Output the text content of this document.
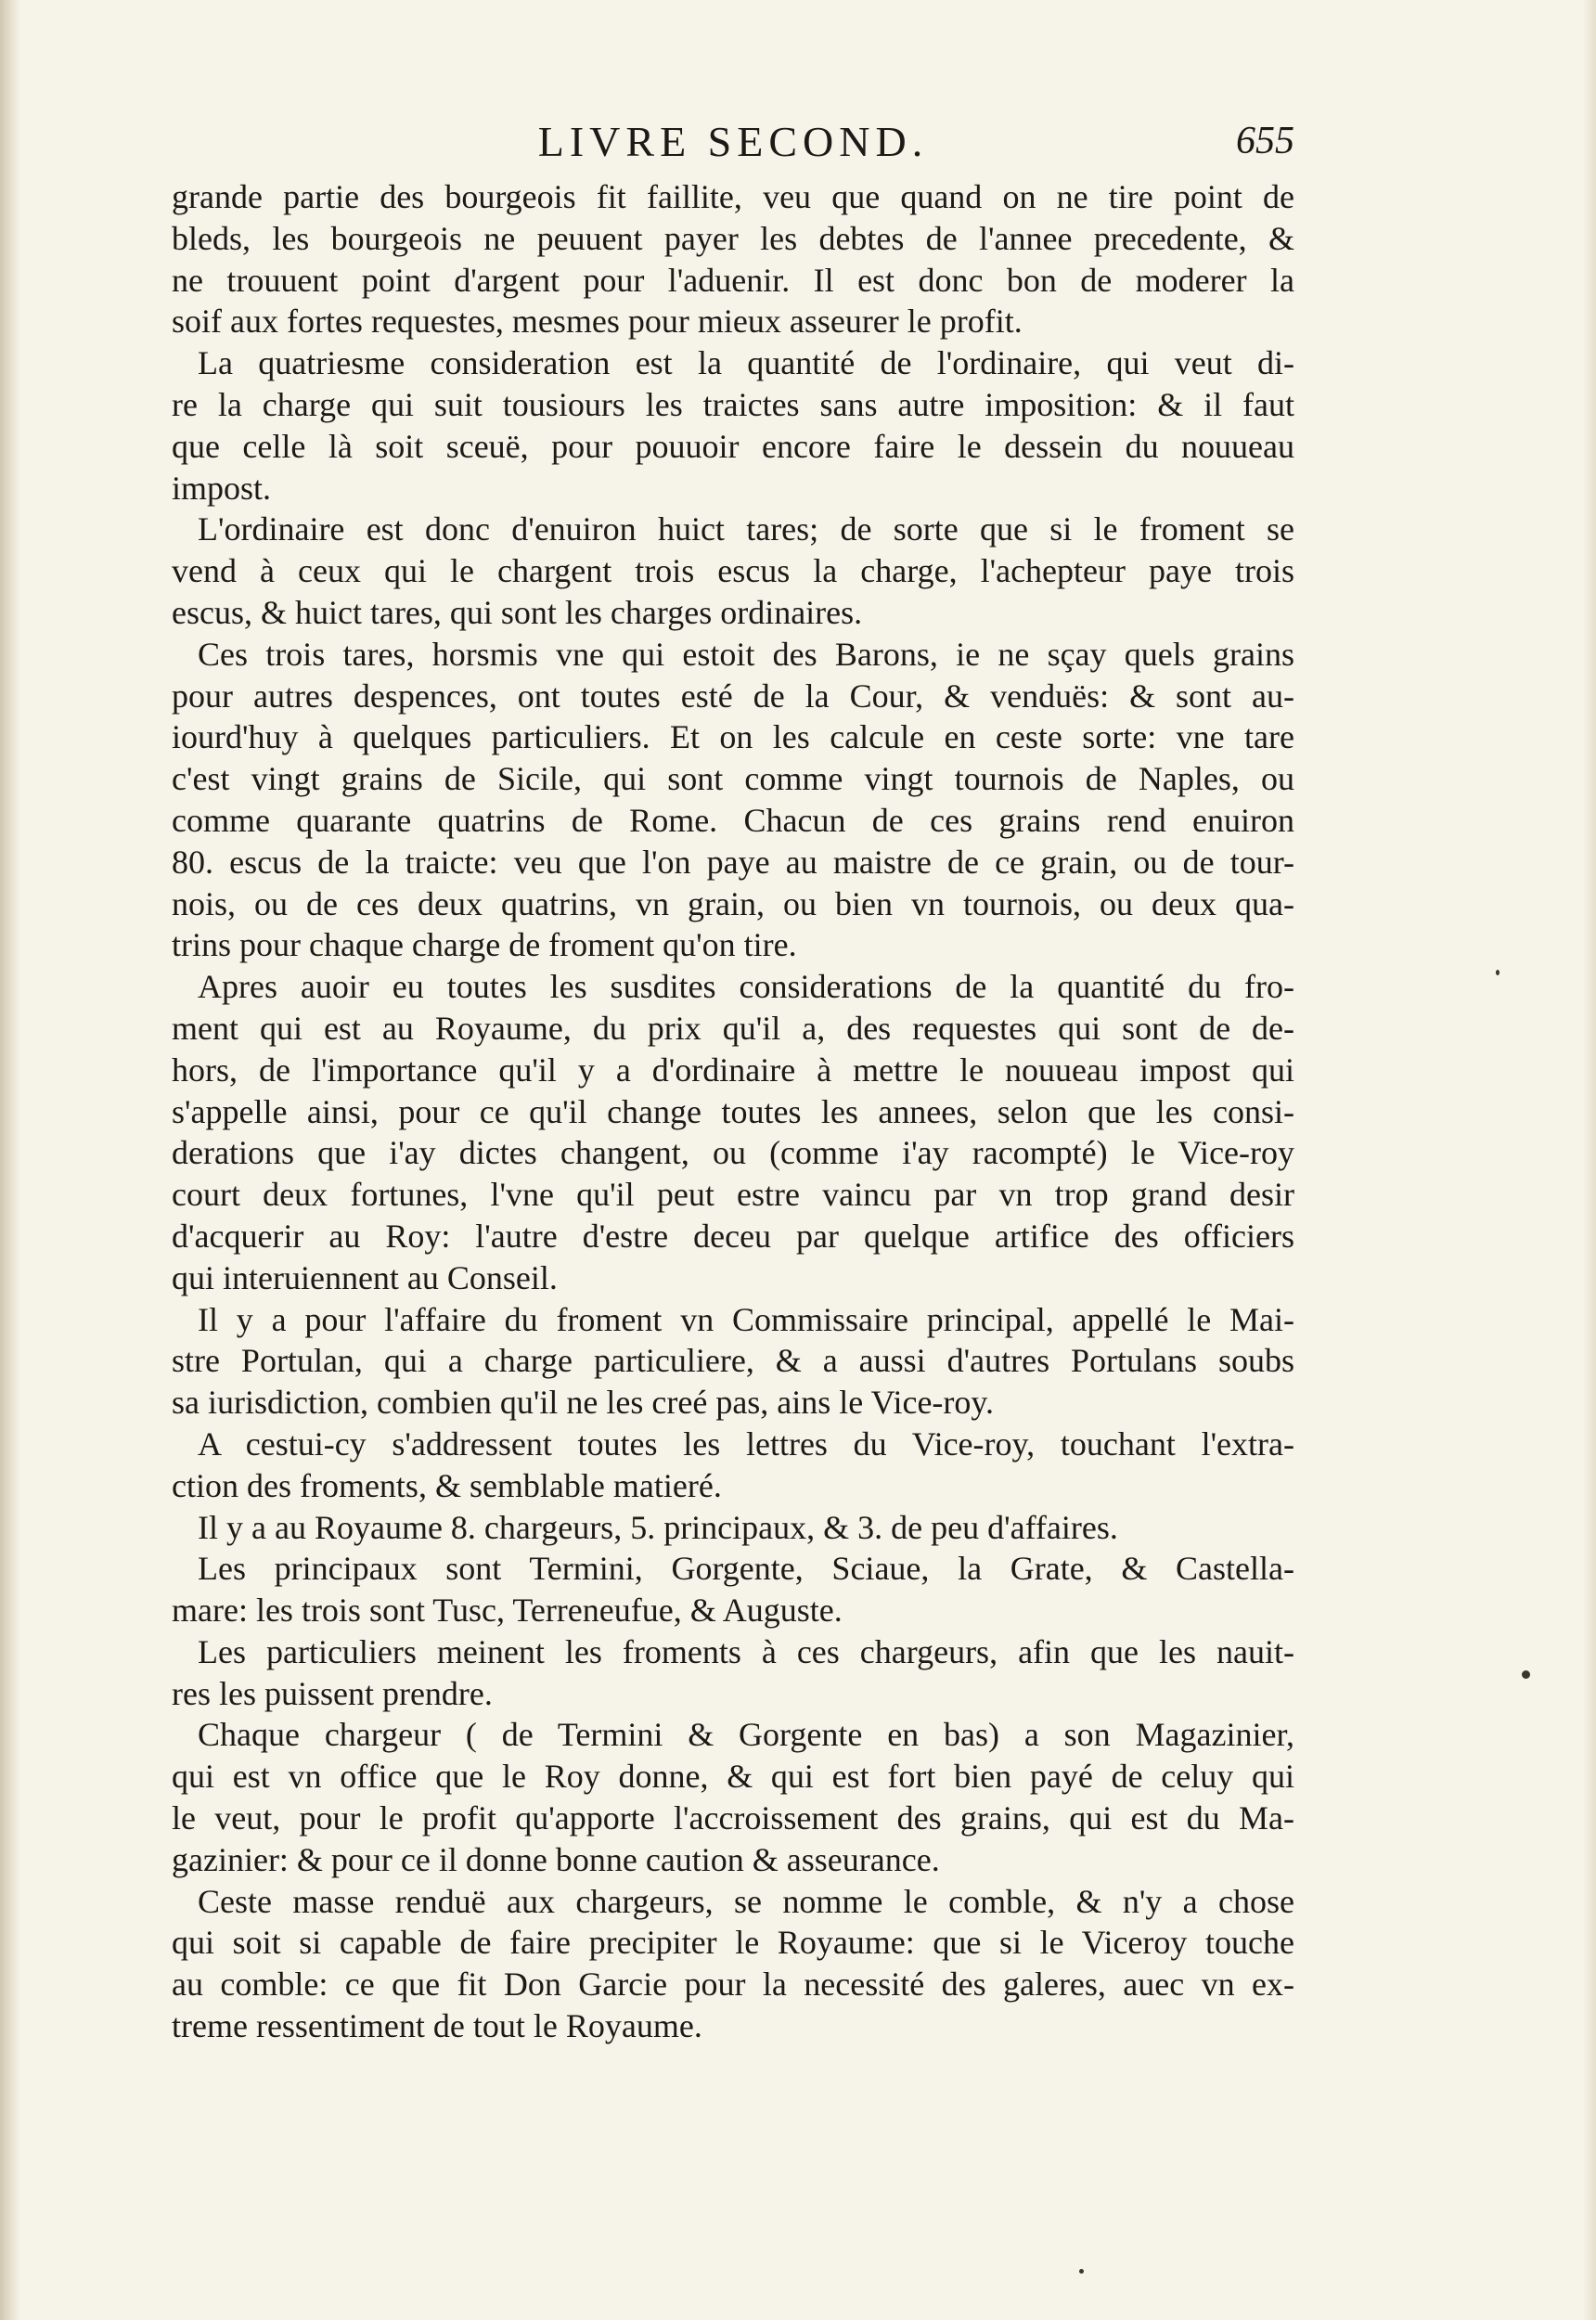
LIVRE SECOND.	655
grande partie des bourgeois fit faillite, veu que quand on ne tire point de
bleds, les bourgeois ne peuuent payer les debtes de l'annee precedente, &
ne trouuent point d'argent pour l'aduenir. Il est donc bon de moderer la
soif aux fortes requestes, mesmes pour mieux asseurer le profit.
La quatriesme consideration est la quantité de l'ordinaire, qui veut di-
re la charge qui suit tousiours les traictes sans autre imposition: & il faut
que celle là soit sceuë, pour pouuoir encore faire le dessein du nouueau
impost.
L'ordinaire est donc d'enuiron huict tares; de sorte que si le froment se
vend à ceux qui le chargent trois escus la charge, l'achepteur paye trois
escus, & huict tares, qui sont les charges ordinaires.
Ces trois tares, horsmis vne qui estoit des Barons, ie ne sçay quels grains
pour autres despences, ont toutes esté de la Cour, & venduës: & sont au-
iourd'huy à quelques particuliers. Et on les calcule en ceste sorte: vne tare
c'est vingt grains de Sicile, qui sont comme vingt tournois de Naples, ou
comme quarante quatrins de Rome. Chacun de ces grains rend enuiron
80. escus de la traicte: veu que l'on paye au maistre de ce grain, ou de tour-
nois, ou de ces deux quatrins, vn grain, ou bien vn tournois, ou deux qua-
trins pour chaque charge de froment qu'on tire.
Apres auoir eu toutes les susdites considerations de la quantité du fro-
ment qui est au Royaume, du prix qu'il a, des requestes qui sont de de-
hors, de l'importance qu'il y a d'ordinaire à mettre le nouueau impost qui
s'appelle ainsi, pour ce qu'il change toutes les annees, selon que les consi-
derations que i'ay dictes changent, ou (comme i'ay racompté) le Vice-roy
court deux fortunes, l'vne qu'il peut estre vaincu par vn trop grand desir
d'acquerir au Roy: l'autre d'estre deceu par quelque artifice des officiers
qui interuiennent au Conseil.
Il y a pour l'affaire du froment vn Commissaire principal, appellé le Mai-
stre Portulan, qui a charge particuliere, & a aussi d'autres Portulans soubs
sa iurisdiction, combien qu'il ne les creé pas, ains le Vice-roy.
A cestui-cy s'addressent toutes les lettres du Vice-roy, touchant l'extra-
ction des froments, & semblable matieré.
Il y a au Royaume 8. chargeurs, 5. principaux, & 3. de peu d'affaires.
Les principaux sont Termini, Gorgente, Sciaue, la Grate, & Castella-
mare: les trois sont Tusc, Terreneufue, & Auguste.
Les particuliers meinent les froments à ces chargeurs, afin que les nauit-
res les puissent prendre.
Chaque chargeur ( de Termini & Gorgente en bas) a son Magazinier,
qui est vn office que le Roy donne, & qui est fort bien payé de celuy qui
le veut, pour le profit qu'apporte l'accroissement des grains, qui est du Ma-
gazinier: & pour ce il donne bonne caution & asseurance.
Ceste masse renduë aux chargeurs, se nomme le comble, & n'y a chose
qui soit si capable de faire precipiter le Royaume: que si le Viceroy touche
au comble: ce que fit Don Garcie pour la necessité des galeres, auec vn ex-
treme ressentiment de tout le Royaume.
